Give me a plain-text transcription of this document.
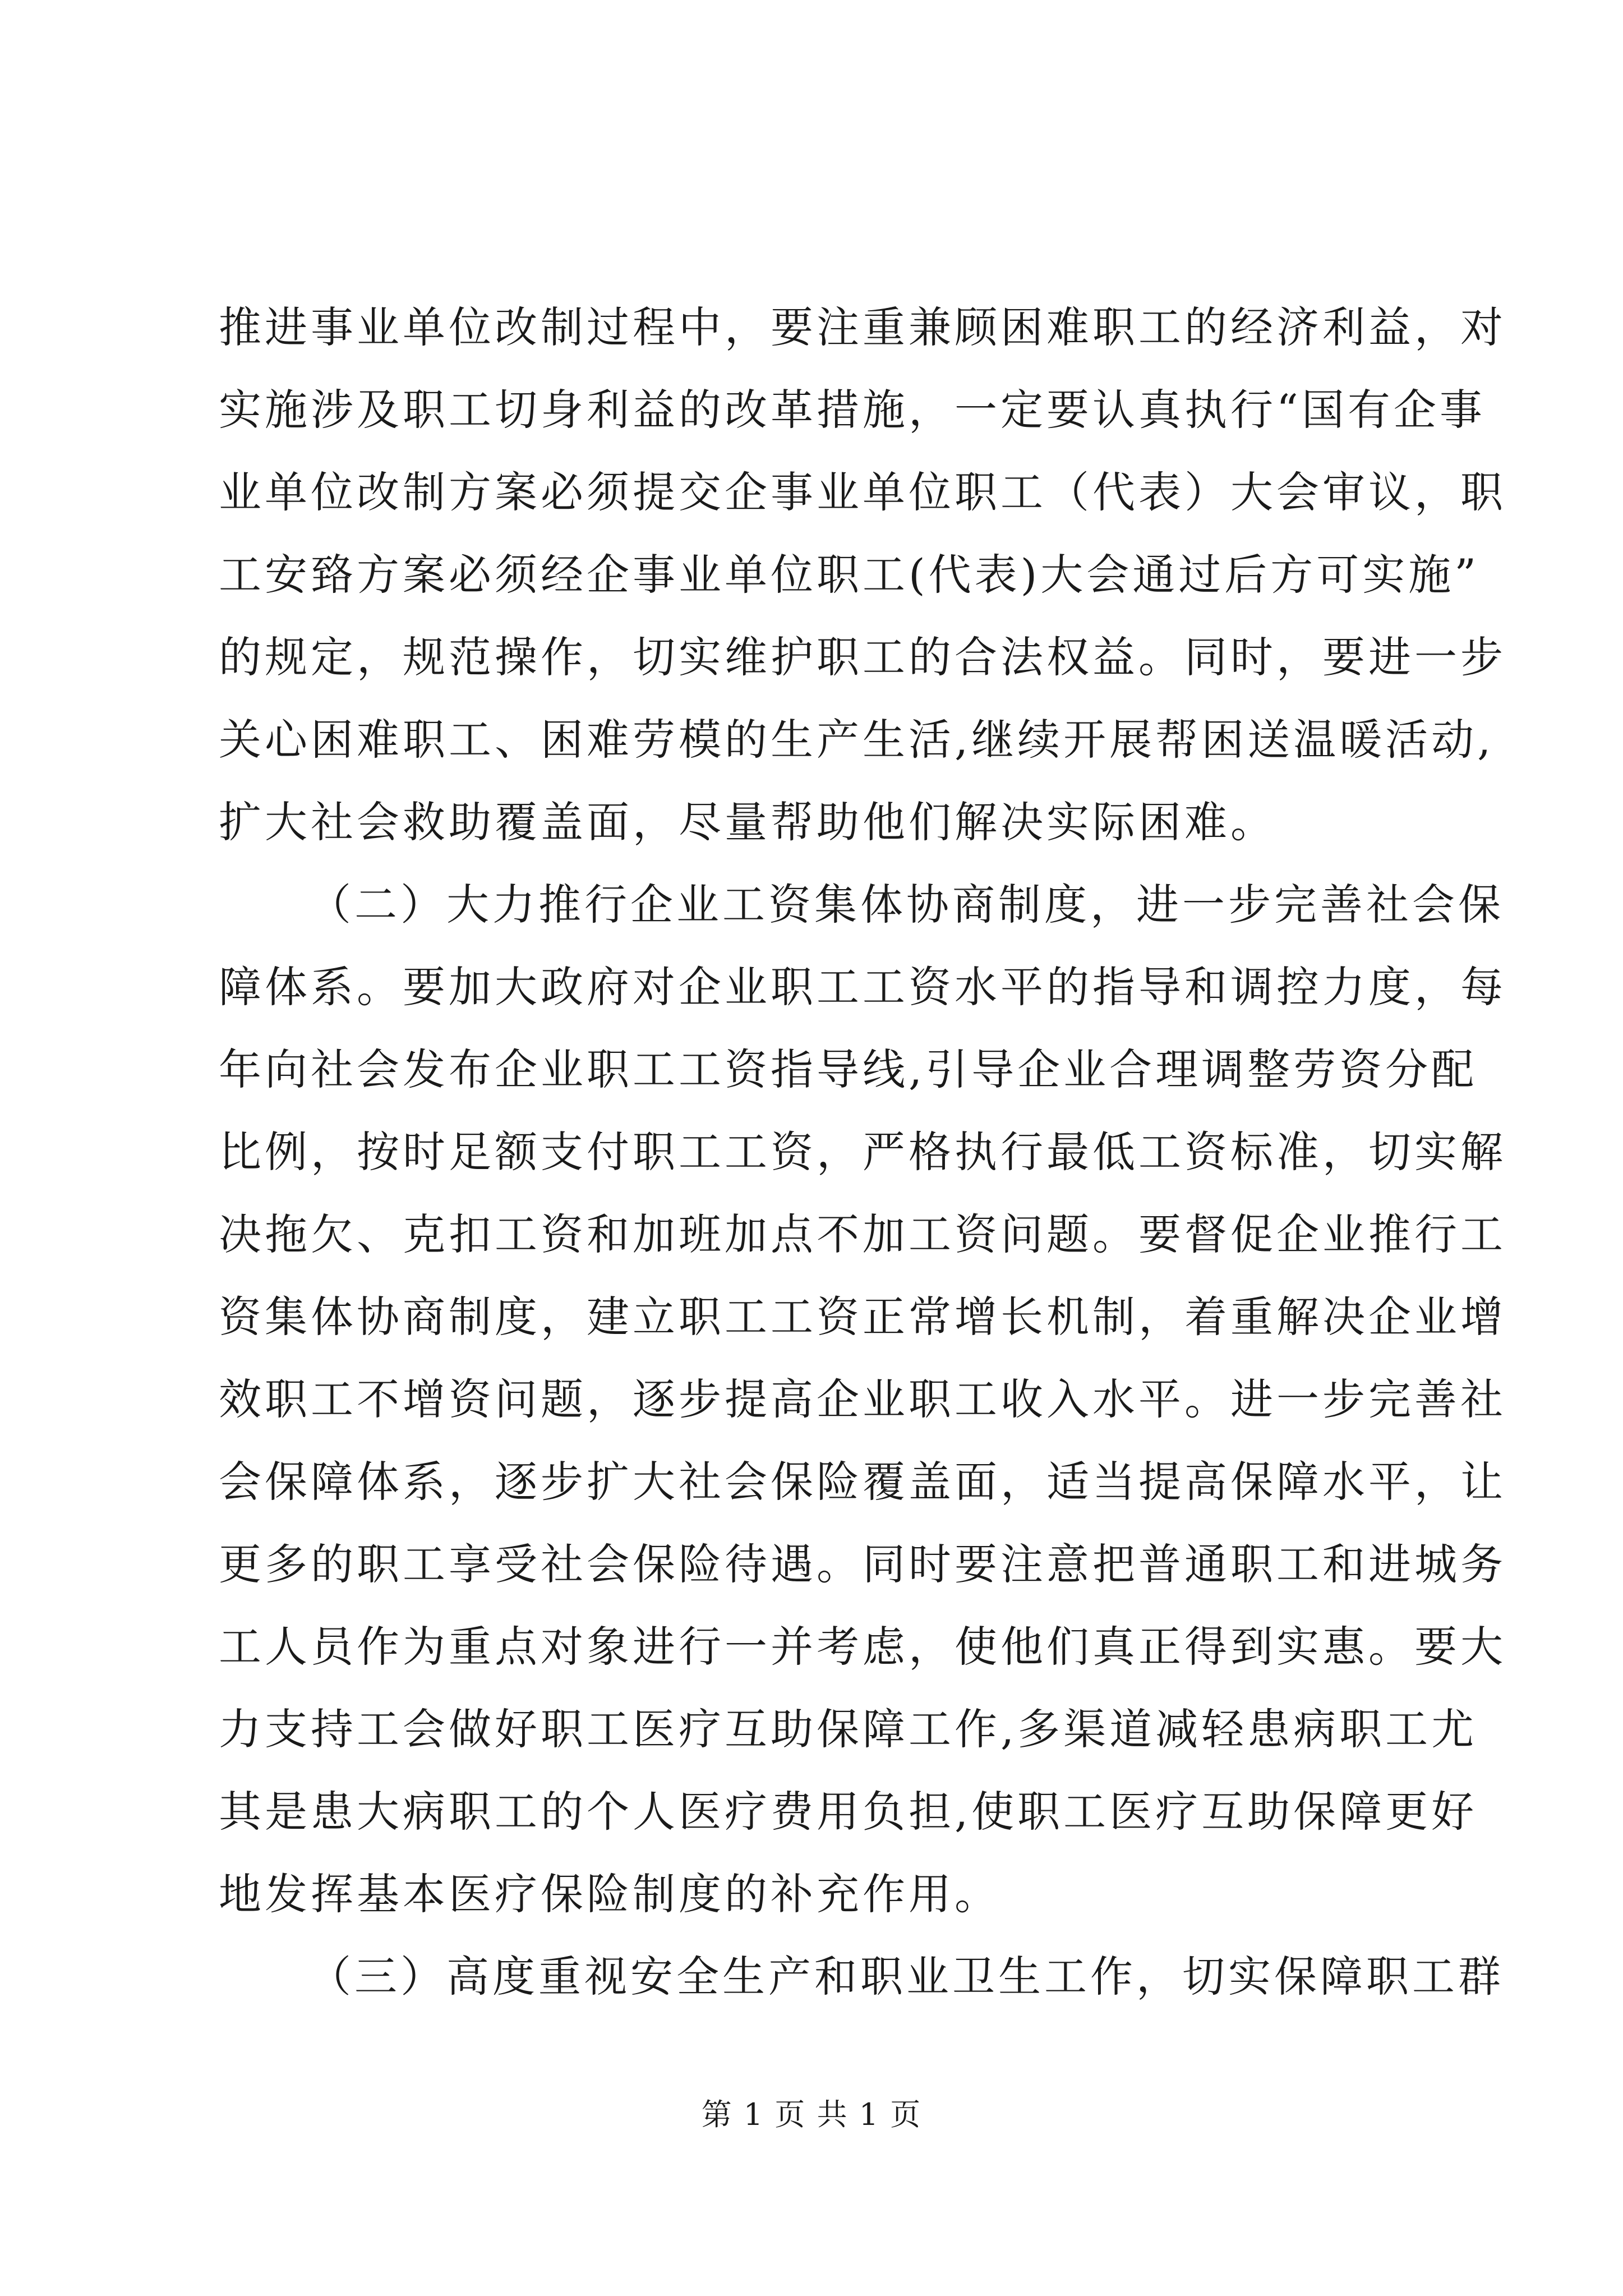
推进事业单位改制过程中，要注重兼顾困难职工的经济利益，对
实施涉及职工切身利益的改革措施，一定要认真执行“国有企事
业单位改制方案必须提交企事业单位职工（代表）大会审议，职
工安臵方案必须经企事业单位职工(代表)大会通过后方可实施”
的规定，规范操作，切实维护职工的合法权益。同时，要进一步
关心困难职工、困难劳模的生产生活,继续开展帮困送温暖活动,
扩大社会救助覆盖面，尽量帮助他们解决实际困难。
（二）大力推行企业工资集体协商制度，进一步完善社会保
障体系。要加大政府对企业职工工资水平的指导和调控力度，每
年向社会发布企业职工工资指导线,引导企业合理调整劳资分配
比例，按时足额支付职工工资，严格执行最低工资标准，切实解
决拖欠、克扣工资和加班加点不加工资问题。要督促企业推行工
资集体协商制度，建立职工工资正常增长机制，着重解决企业增
效职工不增资问题，逐步提高企业职工收入水平。进一步完善社
会保障体系，逐步扩大社会保险覆盖面，适当提高保障水平，让
更多的职工享受社会保险待遇。同时要注意把普通职工和进城务
工人员作为重点对象进行一并考虑，使他们真正得到实惠。要大
力支持工会做好职工医疗互助保障工作,多渠道减轻患病职工尤
其是患大病职工的个人医疗费用负担,使职工医疗互助保障更好
地发挥基本医疗保险制度的补充作用。
（三）高度重视安全生产和职业卫生工作，切实保障职工群
第 1 页 共 1 页
